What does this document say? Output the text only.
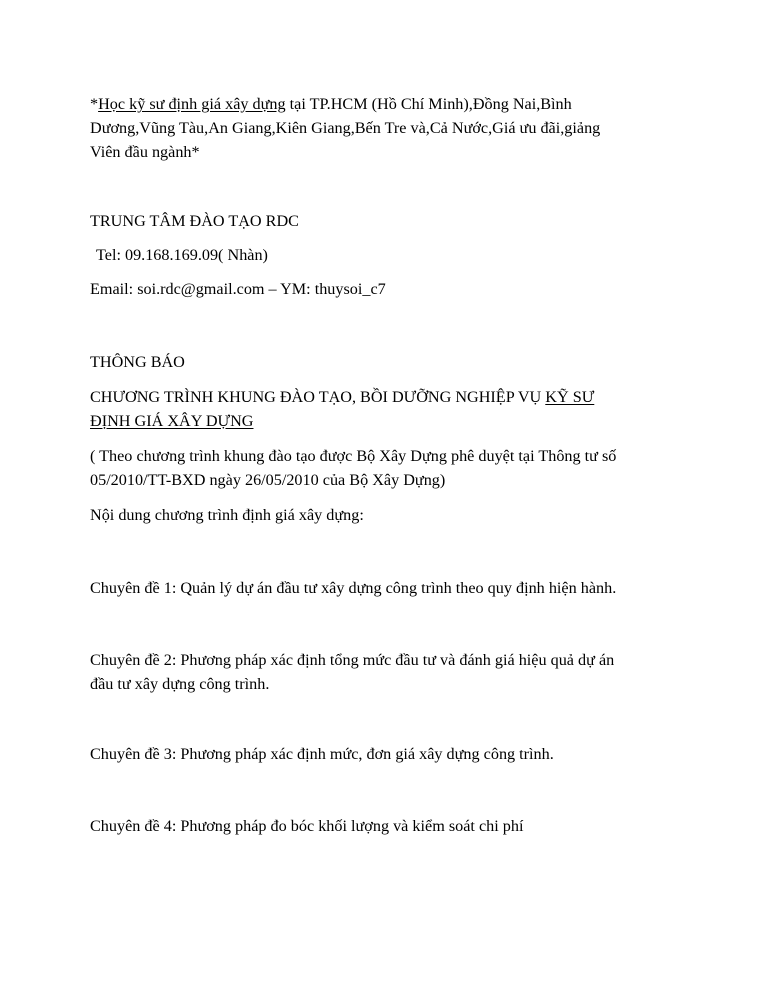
*Học kỹ sư định giá xây dựng tại TP.HCM (Hồ Chí Minh),Đồng Nai,Bình
Dương,Vũng Tàu,An Giang,Kiên Giang,Bến Tre và,Cả Nước,Giá ưu đãi,giảng
Viên đầu ngành*
TRUNG TÂM ĐÀO TẠO RDC
Tel: 09.168.169.09( Nhàn)
Email: soi.rdc@gmail.com – YM: thuysoi_c7
THÔNG BÁO
CHƯƠNG TRÌNH KHUNG ĐÀO TẠO, BỒI DƯỠNG NGHIỆP VỤ KỸ SƯ
ĐỊNH GIÁ XÂY DỰNG
( Theo chương trình khung đào tạo được Bộ Xây Dựng phê duyệt tại Thông tư số
05/2010/TT-BXD ngày 26/05/2010 của Bộ Xây Dựng)
Nội dung chương trình định giá xây dựng:
Chuyên đề 1: Quản lý dự án đầu tư xây dựng công trình theo quy định hiện hành.
Chuyên đề 2: Phương pháp xác định tổng mức đầu tư và đánh giá hiệu quả dự án
đầu tư xây dựng công trình.
Chuyên đề 3: Phương pháp xác định mức, đơn giá xây dựng công trình.
Chuyên đề 4: Phương pháp đo bóc khối lượng và kiểm soát chi phí
